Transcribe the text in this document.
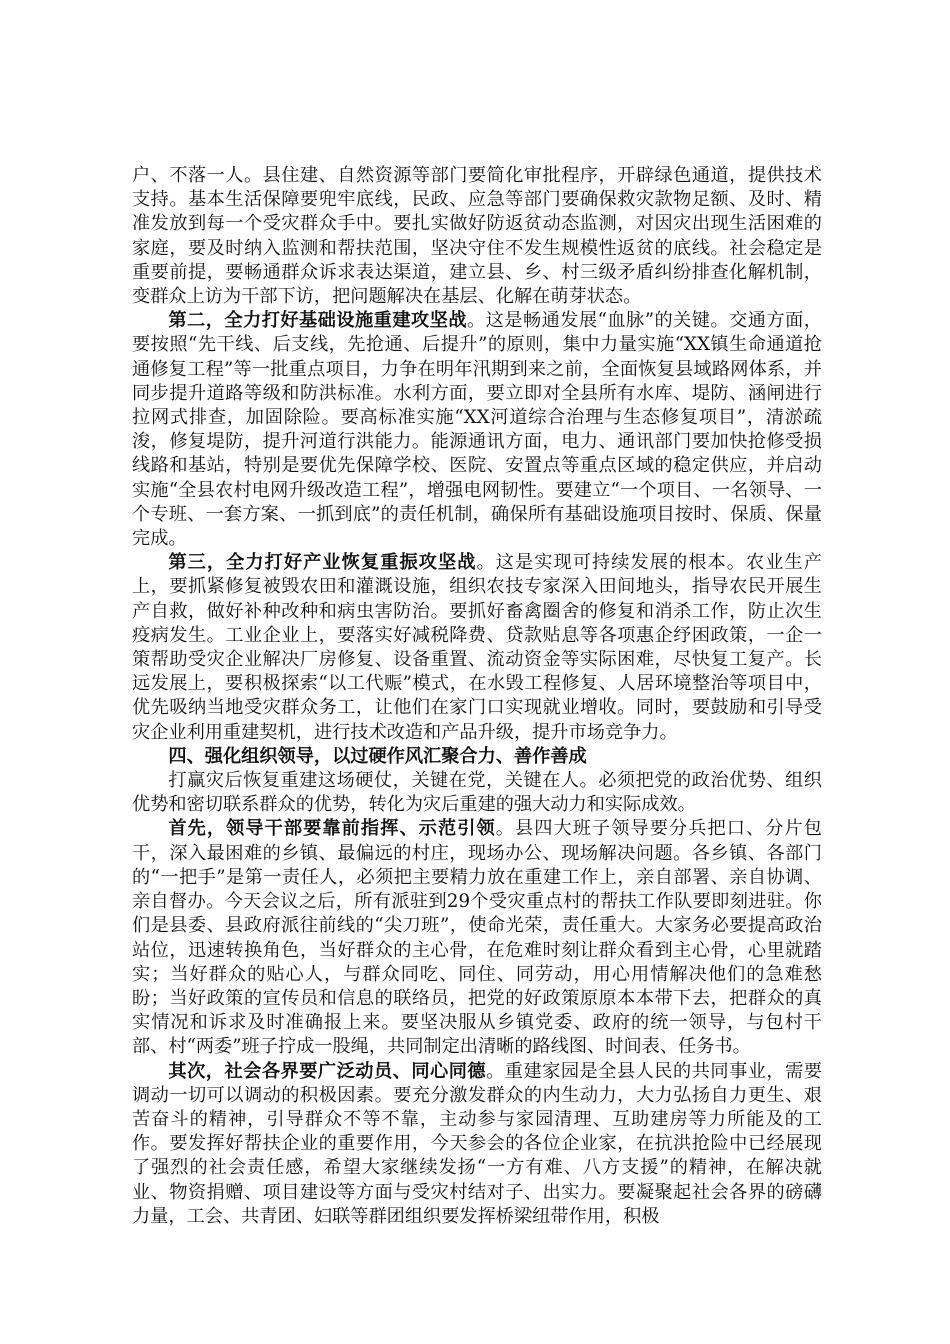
户、不落一人。县住建、自然资源等部门要简化审批程序，开辟绿色通道，提供技术支持。基本生活保障要兜牢底线，民政、应急等部门要确保救灾款物足额、及时、精准发放到每一个受灾群众手中。要扎实做好防返贫动态监测，对因灾出现生活困难的家庭，要及时纳入监测和帮扶范围，坚决守住不发生规模性返贫的底线。社会稳定是重要前提，要畅通群众诉求表达渠道，建立县、乡、村三级矛盾纠纷排查化解机制，变群众上访为干部下访，把问题解决在基层、化解在萌芽状态。

第二，全力打好基础设施重建攻坚战。这是畅通发展“血脉”的关键。交通方面，要按照“先干线、后支线，先抢通、后提升”的原则，集中力量实施“XX镇生命通道抢通修复工程”等一批重点项目，力争在明年汛期到来之前，全面恢复县域路网体系，并同步提升道路等级和防洪标准。水利方面，要立即对全县所有水库、堤防、涵闸进行拉网式排查，加固除险。要高标准实施“XX河道综合治理与生态修复项目”，清淤疏浚，修复堤防，提升河道行洪能力。能源通讯方面，电力、通讯部门要加快抢修受损线路和基站，特别是要优先保障学校、医院、安置点等重点区域的稳定供应，并启动实施“全县农村电网升级改造工程”，增强电网韧性。要建立“一个项目、一名领导、一个专班、一套方案、一抓到底”的责任机制，确保所有基础设施项目按时、保质、保量完成。

第三，全力打好产业恢复重振攻坚战。这是实现可持续发展的根本。农业生产上，要抓紧修复被毁农田和灌溉设施，组织农技专家深入田间地头，指导农民开展生产自救，做好补种改种和病虫害防治。要抓好畜禽圈舍的修复和消杀工作，防止次生疫病发生。工业企业上，要落实好减税降费、贷款贴息等各项惠企纾困政策，一企一策帮助受灾企业解决厂房修复、设备重置、流动资金等实际困难，尽快复工复产。长远发展上，要积极探索“以工代赈”模式，在水毁工程修复、人居环境整治等项目中，优先吸纳当地受灾群众务工，让他们在家门口实现就业增收。同时，要鼓励和引导受灾企业利用重建契机，进行技术改造和产品升级，提升市场竞争力。

四、强化组织领导，以过硬作风汇聚合力、善作善成

打赢灾后恢复重建这场硬仗，关键在党，关键在人。必须把党的政治优势、组织优势和密切联系群众的优势，转化为灾后重建的强大动力和实际成效。

首先，领导干部要靠前指挥、示范引领。县四大班子领导要分兵把口、分片包干，深入最困难的乡镇、最偏远的村庄，现场办公、现场解决问题。各乡镇、各部门的“一把手”是第一责任人，必须把主要精力放在重建工作上，亲自部署、亲自协调、亲自督办。今天会议之后，所有派驻到29个受灾重点村的帮扶工作队要即刻进驻。你们是县委、县政府派往前线的“尖刀班”，使命光荣，责任重大。大家务必要提高政治站位，迅速转换角色，当好群众的主心骨，在危难时刻让群众看到主心骨，心里就踏实；当好群众的贴心人，与群众同吃、同住、同劳动，用心用情解决他们的急难愁盼；当好政策的宣传员和信息的联络员，把党的好政策原原本本带下去，把群众的真实情况和诉求及时准确报上来。要坚决服从乡镇党委、政府的统一领导，与包村干部、村“两委”班子拧成一股绳，共同制定出清晰的路线图、时间表、任务书。

其次，社会各界要广泛动员、同心同德。重建家园是全县人民的共同事业，需要调动一切可以调动的积极因素。要充分激发群众的内生动力，大力弘扬自力更生、艰苦奋斗的精神，引导群众不等不靠，主动参与家园清理、互助建房等力所能及的工作。要发挥好帮扶企业的重要作用，今天参会的各位企业家，在抗洪抢险中已经展现了强烈的社会责任感，希望大家继续发扬“一方有难、八方支援”的精神，在解决就业、物资捐赠、项目建设等方面与受灾村结对子、出实力。要凝聚起社会各界的磅礴力量，工会、共青团、妇联等群团组织要发挥桥梁纽带作用，积极
